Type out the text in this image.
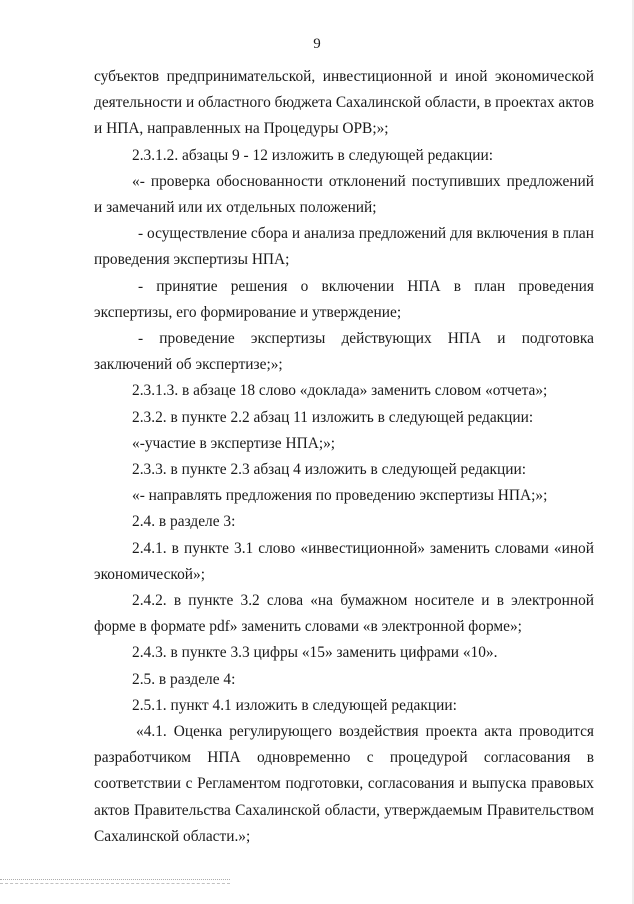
9

субъектов предпринимательской, инвестиционной и иной экономической деятельности и областного бюджета Сахалинской области, в проектах актов и НПА, направленных на Процедуры ОРВ;»;

2.3.1.2. абзацы 9 - 12 изложить в следующей редакции:

«- проверка обоснованности отклонений поступивших предложений и замечаний или их отдельных положений;

- осуществление сбора и анализа предложений для включения в план проведения экспертизы НПА;

- принятие решения о включении НПА в план проведения экспертизы, его формирование и утверждение;

- проведение экспертизы действующих НПА и подготовка заключений об экспертизе;»;

2.3.1.3. в абзаце 18 слово «доклада» заменить словом «отчета»;

2.3.2. в пункте 2.2 абзац 11 изложить в следующей редакции:

«-участие в экспертизе НПА;»;

2.3.3. в пункте 2.3 абзац 4 изложить в следующей редакции:

«- направлять предложения по проведению экспертизы НПА;»;

2.4. в разделе 3:

2.4.1. в пункте 3.1 слово «инвестиционной» заменить словами «иной экономической»;

2.4.2. в пункте 3.2 слова «на бумажном носителе и в электронной форме в формате pdf» заменить словами «в электронной форме»;

2.4.3. в пункте 3.3 цифры «15» заменить цифрами «10».

2.5. в разделе 4:

2.5.1. пункт 4.1 изложить в следующей редакции:

«4.1. Оценка регулирующего воздействия проекта акта проводится разработчиком НПА одновременно с процедурой согласования в соответствии с Регламентом подготовки, согласования и выпуска правовых актов Правительства Сахалинской области, утверждаемым Правительством Сахалинской области.»;
